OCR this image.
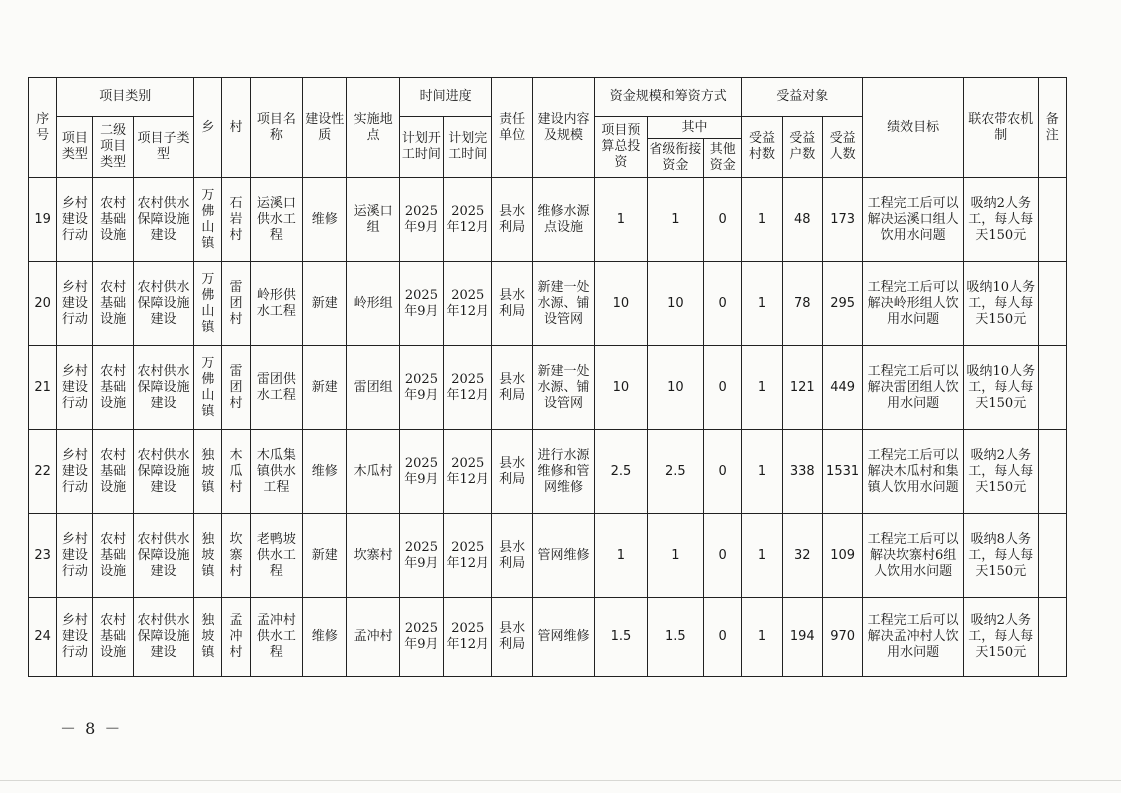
序号	项目类别			乡	村	项目名称	建设性质	实施地点	时间进度		责任单位	建设内容及规模	资金规模和筹资方式			受益对象			绩效目标	联农带农机制	备注
	项目类型	二级项目类型	项目子类型						计划开工时间	计划完工时间			项目预算总投资	其中		受益村数	受益户数	受益人数			
														省级衔接资金	其他资金						
19	乡村建设行动	农村基础设施	农村供水保障设施建设	万佛山镇	石岩村	运溪口供水工程	维修	运溪口组	2025年9月	2025年12月	县水利局	维修水源点设施	1	1	0	1	48	173	工程完工后可以解决运溪口组人饮用水问题	吸纳2人务工，每人每天150元	
20	乡村建设行动	农村基础设施	农村供水保障设施建设	万佛山镇	雷团村	岭形供水工程	新建	岭形组	2025年9月	2025年12月	县水利局	新建一处水源、铺设管网	10	10	0	1	78	295	工程完工后可以解决岭形组人饮用水问题	吸纳10人务工，每人每天150元	
21	乡村建设行动	农村基础设施	农村供水保障设施建设	万佛山镇	雷团村	雷团供水工程	新建	雷团组	2025年9月	2025年12月	县水利局	新建一处水源、铺设管网	10	10	0	1	121	449	工程完工后可以解决雷团组人饮用水问题	吸纳10人务工，每人每天150元	
22	乡村建设行动	农村基础设施	农村供水保障设施建设	独坡镇	木瓜村	木瓜集镇供水工程	维修	木瓜村	2025年9月	2025年12月	县水利局	进行水源维修和管网维修	2.5	2.5	0	1	338	1531	工程完工后可以解决木瓜村和集镇人饮用水问题	吸纳2人务工，每人每天150元	
23	乡村建设行动	农村基础设施	农村供水保障设施建设	独坡镇	坎寨村	老鸭坡供水工程	新建	坎寨村	2025年9月	2025年12月	县水利局	管网维修	1	1	0	1	32	109	工程完工后可以解决坎寨村6组人饮用水问题	吸纳8人务工，每人每天150元	
24	乡村建设行动	农村基础设施	农村供水保障设施建设	独坡镇	孟冲村	孟冲村供水工程	维修	孟冲村	2025年9月	2025年12月	县水利局	管网维修	1.5	1.5	0	1	194	970	工程完工后可以解决孟冲村人饮用水问题	吸纳2人务工，每人每天150元	
－ 8 －
